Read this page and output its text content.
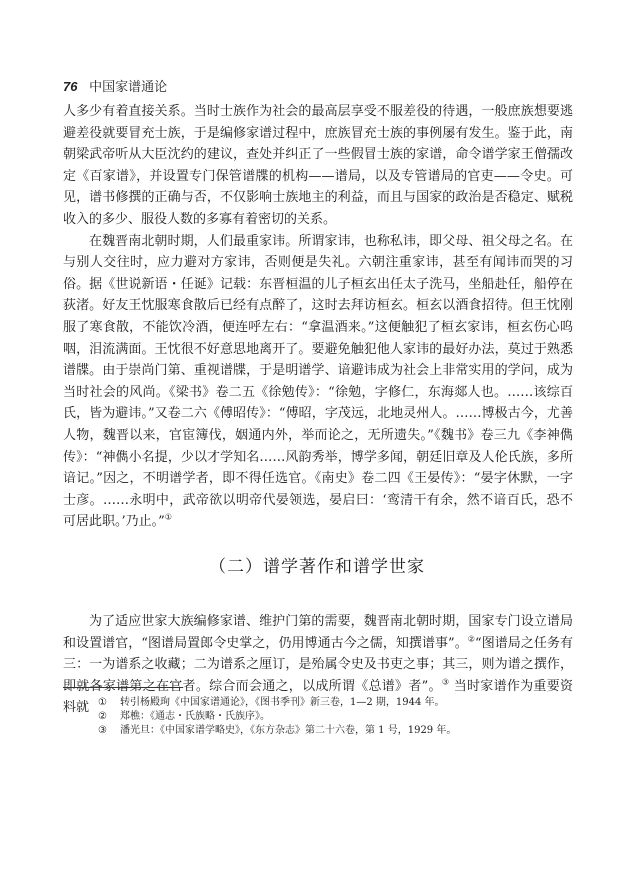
76 中国家谱通论

人多少有着直接关系。当时士族作为社会的最高层享受不服差役的待遇，一般庶族想要逃避差役就要冒充士族，于是编修家谱过程中，庶族冒充士族的事例屡有发生。鉴于此，南朝梁武帝听从大臣沈约的建议，查处并纠正了一些假冒士族的家谱，命令谱学家王僧孺改定《百家谱》，并设置专门保管谱牒的机构——谱局，以及专管谱局的官吏——令史。可见，谱书修撰的正确与否，不仅影响士族地主的利益，而且与国家的政治是否稳定、赋税收入的多少、服役人数的多寡有着密切的关系。

在魏晋南北朝时期，人们最重家讳。所谓家讳，也称私讳，即父母、祖父母之名。在与别人交往时，应力避对方家讳，否则便是失礼。六朝注重家讳，甚至有闻讳而哭的习俗。据《世说新语・任诞》记载：东晋桓温的儿子桓玄出任太子洗马，坐船赴任，船停在荻渚。好友王忱服寒食散后已经有点醉了，这时去拜访桓玄。桓玄以酒食招待。但王忱刚服了寒食散，不能饮冷酒，便连呼左右：“拿温酒来。”这便触犯了桓玄家讳，桓玄伤心呜咽，泪流满面。王忱很不好意思地离开了。要避免触犯他人家讳的最好办法，莫过于熟悉谱牒。由于崇尚门第、重视谱牒，于是明谱学、谙避讳成为社会上非常实用的学问，成为当时社会的风尚。《梁书》卷二五《徐勉传》：“徐勉，字修仁，东海郯人也。……该综百氏，皆为避讳。”又卷二六《傅昭传》：“傅昭，字茂远，北地灵州人。……博极古今，尤善人物，魏晋以来，官宦簿伐，姻通内外，举而论之，无所遗失。”《魏书》卷三九《李神儁传》：“神儁小名提，少以才学知名……风韵秀举，博学多闻，朝廷旧章及人伦氏族，多所谙记。”因之，不明谱学者，即不得任选官。《南史》卷二四《王晏传》：“晏字休默，一字士彦。……永明中，武帝欲以明帝代晏领选，晏启曰：‘鸾清干有余，然不谙百氏，恐不可居此职。’乃止。”①

（二）谱学著作和谱学世家

为了适应世家大族编修家谱、维护门第的需要，魏晋南北朝时期，国家专门设立谱局和设置谱官，“图谱局置郎令史掌之，仍用博通古今之儒，知撰谱事”。②“图谱局之任务有三：一为谱系之收藏；二为谱系之厘订，是殆属令史及书吏之事；其三，则为谱之撰作，即就各家谱第之在官者。综合而会通之，以成所谓《总谱》者”。③ 当时家谱作为重要资料就 ①	转引杨殿珣《中国家谱通论》，《图书季刊》新三卷，1—2 期，1944 年。
②	郑樵：《通志・氏族略・氏族序》。
③	潘光旦：《中国家谱学略史》，《东方杂志》第二十六卷，第 1 号，1929 年。
